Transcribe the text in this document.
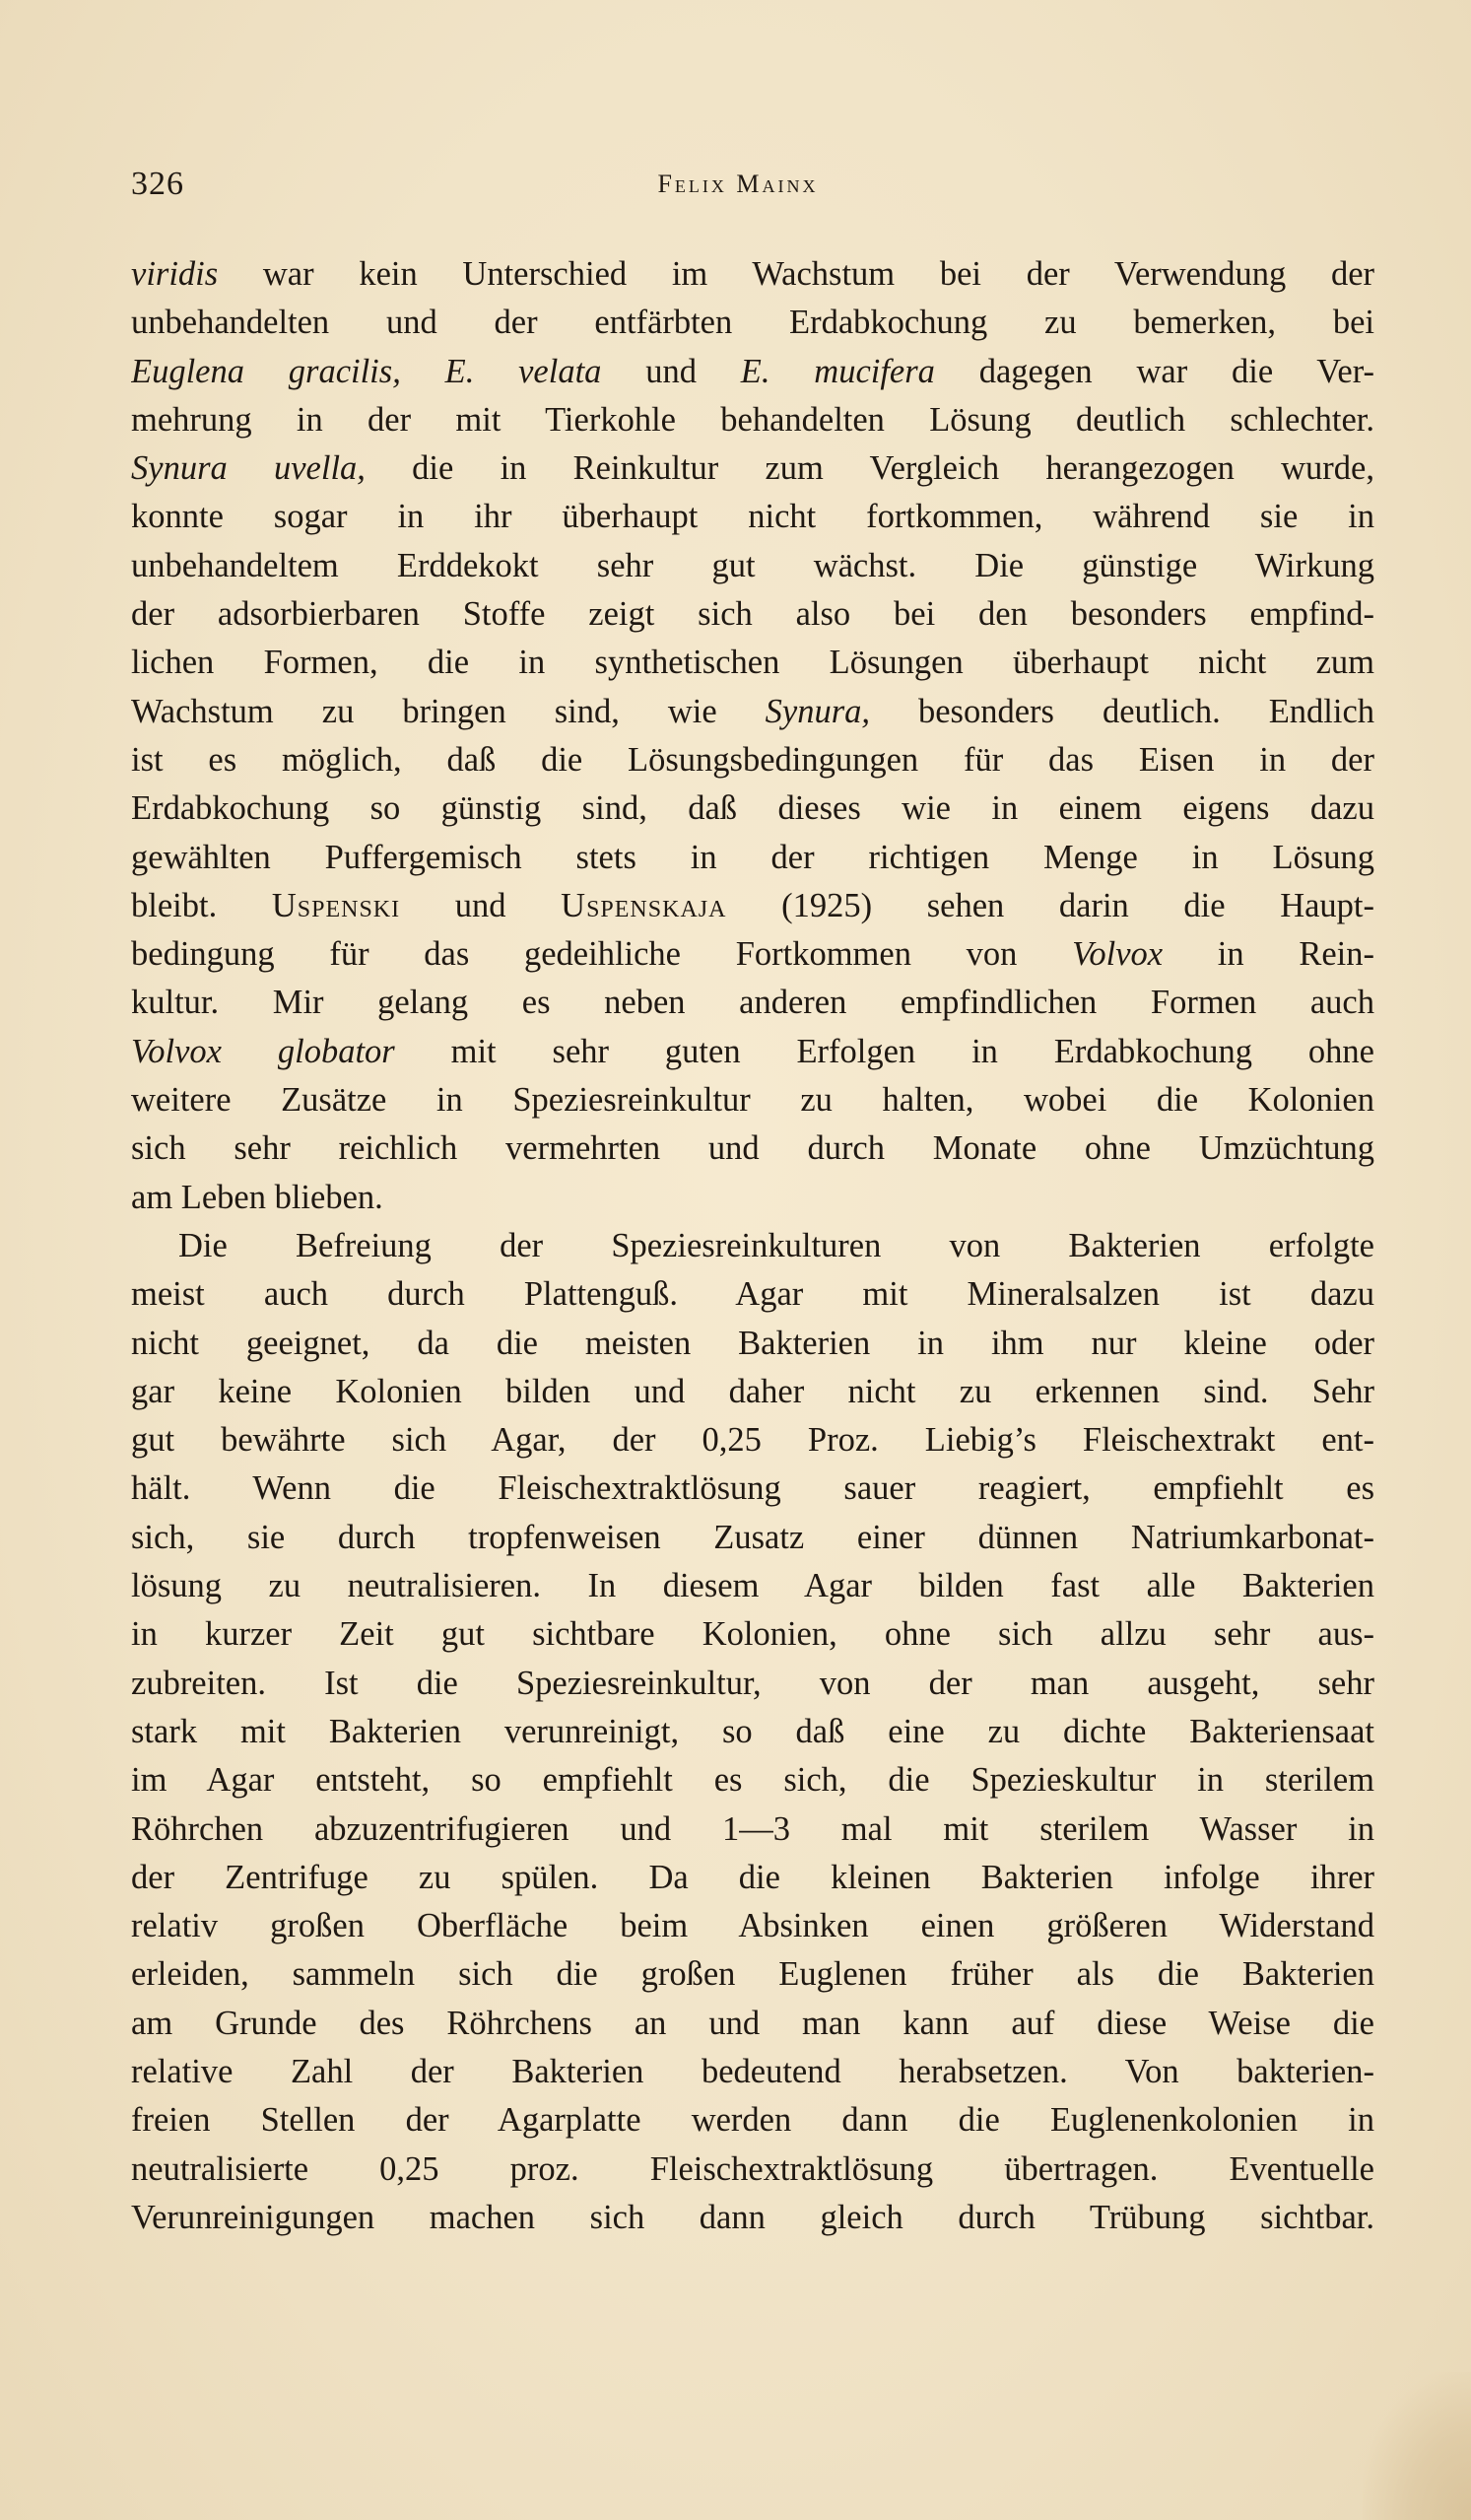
326	Felix Mainx
viridis war kein Unterschied im Wachstum bei der Verwendung der
unbehandelten und der entfärbten Erdabkochung zu bemerken, bei
Euglena gracilis, E. velata und E. mucifera dagegen war die Ver-
mehrung in der mit Tierkohle behandelten Lösung deutlich schlechter.
Synura uvella, die in Reinkultur zum Vergleich herangezogen wurde,
konnte sogar in ihr überhaupt nicht fortkommen, während sie in
unbehandeltem Erddekokt sehr gut wächst. Die günstige Wirkung
der adsorbierbaren Stoffe zeigt sich also bei den besonders empfind-
lichen Formen, die in synthetischen Lösungen überhaupt nicht zum
Wachstum zu bringen sind, wie Synura, besonders deutlich. Endlich
ist es möglich, daß die Lösungsbedingungen für das Eisen in der
Erdabkochung so günstig sind, daß dieses wie in einem eigens dazu
gewählten Puffergemisch stets in der richtigen Menge in Lösung
bleibt. Uspenski und Uspenskaja (1925) sehen darin die Haupt-
bedingung für das gedeihliche Fortkommen von Volvox in Rein-
kultur. Mir gelang es neben anderen empfindlichen Formen auch
Volvox globator mit sehr guten Erfolgen in Erdabkochung ohne
weitere Zusätze in Speziesreinkultur zu halten, wobei die Kolonien
sich sehr reichlich vermehrten und durch Monate ohne Umzüchtung
am Leben blieben.
Die Befreiung der Speziesreinkulturen von Bakterien erfolgte
meist auch durch Plattenguß. Agar mit Mineralsalzen ist dazu
nicht geeignet, da die meisten Bakterien in ihm nur kleine oder
gar keine Kolonien bilden und daher nicht zu erkennen sind. Sehr
gut bewährte sich Agar, der 0,25 Proz. Liebig’s Fleischextrakt ent-
hält. Wenn die Fleischextraktlösung sauer reagiert, empfiehlt es
sich, sie durch tropfenweisen Zusatz einer dünnen Natriumkarbonat-
lösung zu neutralisieren. In diesem Agar bilden fast alle Bakterien
in kurzer Zeit gut sichtbare Kolonien, ohne sich allzu sehr aus-
zubreiten. Ist die Speziesreinkultur, von der man ausgeht, sehr
stark mit Bakterien verunreinigt, so daß eine zu dichte Bakteriensaat
im Agar entsteht, so empfiehlt es sich, die Spezieskultur in sterilem
Röhrchen abzuzentrifugieren und 1—3 mal mit sterilem Wasser in
der Zentrifuge zu spülen. Da die kleinen Bakterien infolge ihrer
relativ großen Oberfläche beim Absinken einen größeren Widerstand
erleiden, sammeln sich die großen Euglenen früher als die Bakterien
am Grunde des Röhrchens an und man kann auf diese Weise die
relative Zahl der Bakterien bedeutend herabsetzen. Von bakterien-
freien Stellen der Agarplatte werden dann die Euglenenkolonien in
neutralisierte 0,25 proz. Fleischextraktlösung übertragen. Eventuelle
Verunreinigungen machen sich dann gleich durch Trübung sichtbar.
